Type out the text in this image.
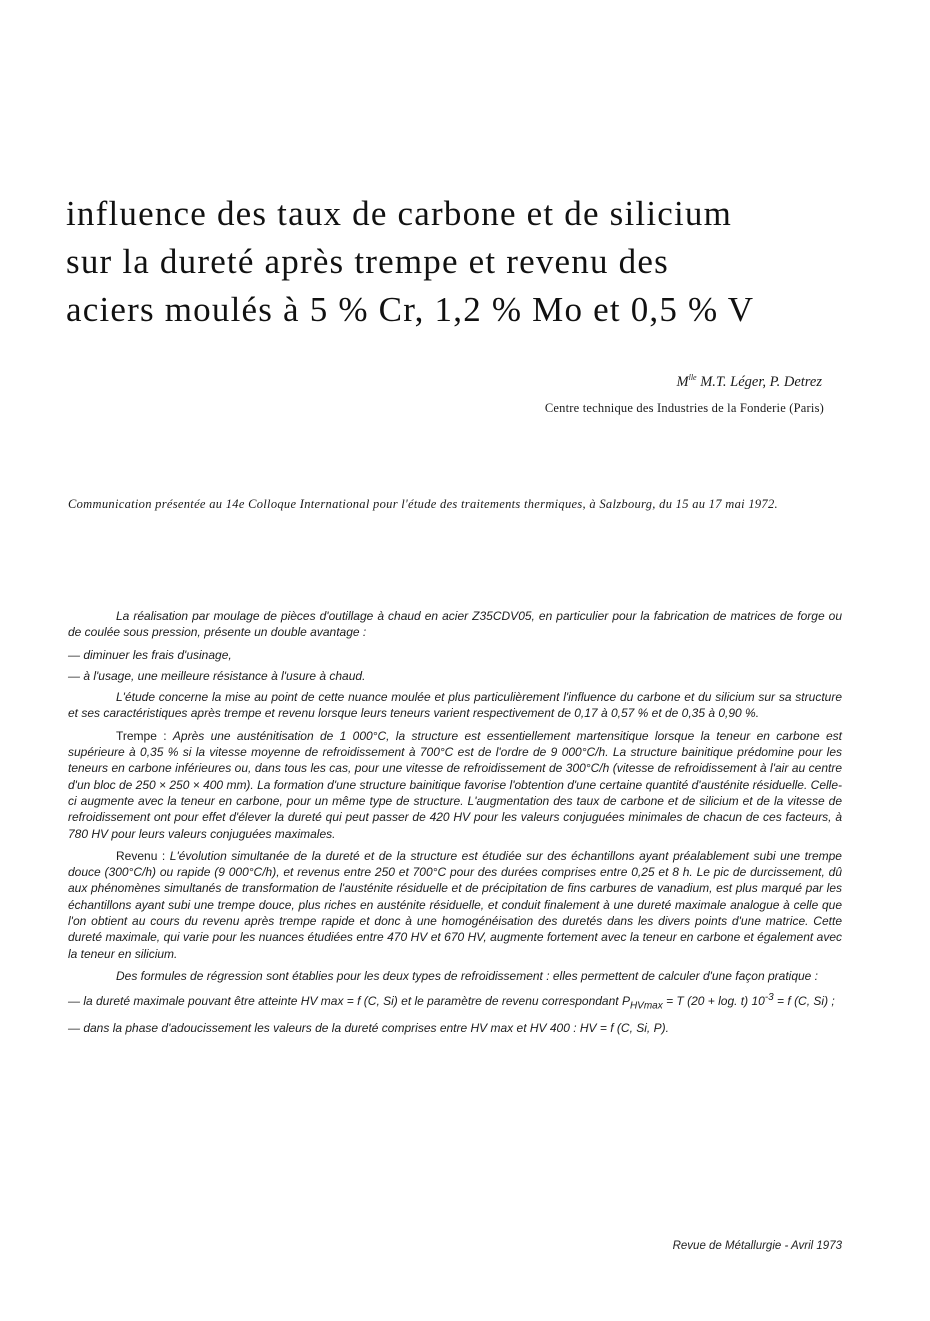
influence des taux de carbone et de silicium
sur la dureté après trempe et revenu des
aciers moulés à 5 % Cr, 1,2 % Mo et 0,5 % V
$M^{lle}$ M.T. Léger, P. Detrez
Centre technique des Industries de la Fonderie (Paris)

Communication présentée au 14e Colloque International pour l'étude des traitements thermiques, à Salzbourg, du 15 au 17 mai 1972.

La réalisation par moulage de pièces d'outillage à chaud en acier Z35CDV05, en particulier pour la fabrication de matrices de forge ou de coulée sous pression, présente un double avantage :

— diminuer les frais d'usinage,

— à l'usage, une meilleure résistance à l'usure à chaud.

L'étude concerne la mise au point de cette nuance moulée et plus particulièrement l'influence du carbone et du silicium sur sa structure et ses caractéristiques après trempe et revenu lorsque leurs teneurs varient respectivement de 0,17 à 0,57 % et de 0,35 à 0,90 %.

Trempe : Après une austénitisation de 1 000°C, la structure est essentiellement martensitique lorsque la teneur en carbone est supérieure à 0,35 % si la vitesse moyenne de refroidissement à 700°C est de l'ordre de 9 000°C/h. La structure bainitique prédomine pour les teneurs en carbone inférieures ou, dans tous les cas, pour une vitesse de refroidissement de 300°C/h (vitesse de refroidissement à l'air au centre d'un bloc de 250 × 250 × 400 mm). La formation d'une structure bainitique favorise l'obtention d'une certaine quantité d'austénite résiduelle. Celle-ci augmente avec la teneur en carbone, pour un même type de structure. L'augmentation des taux de carbone et de silicium et de la vitesse de refroidissement ont pour effet d'élever la dureté qui peut passer de 420 HV pour les valeurs conjuguées minimales de chacun de ces facteurs, à 780 HV pour leurs valeurs conjuguées maximales.

Revenu : L'évolution simultanée de la dureté et de la structure est étudiée sur des échantillons ayant préalablement subi une trempe douce (300°C/h) ou rapide (9 000°C/h), et revenus entre 250 et 700°C pour des durées comprises entre 0,25 et 8 h. Le pic de durcissement, dû aux phénomènes simultanés de transformation de l'austénite résiduelle et de précipitation de fins carbures de vanadium, est plus marqué par les échantillons ayant subi une trempe douce, plus riches en austénite résiduelle, et conduit finalement à une dureté maximale analogue à celle que l'on obtient au cours du revenu après trempe rapide et donc à une homogénéisation des duretés dans les divers points d'une matrice. Cette dureté maximale, qui varie pour les nuances étudiées entre 470 HV et 670 HV, augmente fortement avec la teneur en carbone et également avec la teneur en silicium.

Des formules de régression sont établies pour les deux types de refroidissement : elles permettent de calculer d'une façon pratique :

— la dureté maximale pouvant être atteinte HV max = f (C, Si) et le paramètre de revenu correspondant $P_{HVmax} = T$ (20 + log. t) $10^{-3} = f$ (C, Si) ;

— dans la phase d'adoucissement les valeurs de la dureté comprises entre HV max et HV 400 : HV = f (C, Si, P).

Revue de Métallurgie - Avril 1973
